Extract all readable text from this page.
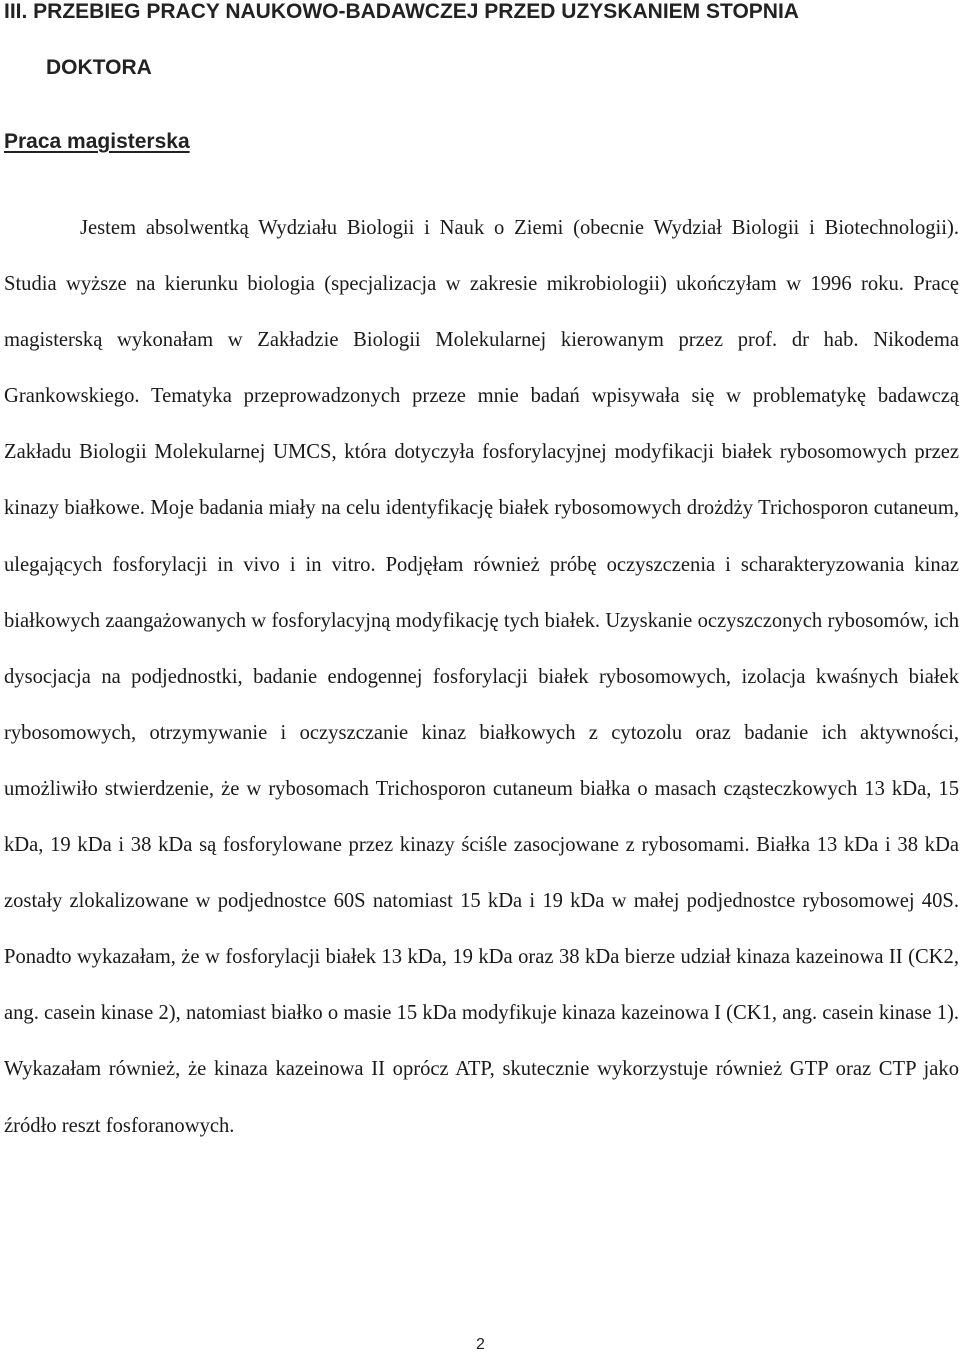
III. PRZEBIEG PRACY NAUKOWO-BADAWCZEJ PRZED UZYSKANIEM STOPNIA
DOKTORA
Praca magisterska

Jestem absolwentką Wydziału Biologii i Nauk o Ziemi (obecnie Wydział Biologii i Biotechnologii). Studia wyższe na kierunku biologia (specjalizacja w zakresie mikrobiologii) ukończyłam w 1996 roku. Pracę magisterską wykonałam w Zakładzie Biologii Molekularnej kierowanym przez prof. dr hab. Nikodema Grankowskiego. Tematyka przeprowadzonych przeze mnie badań wpisywała się w problematykę badawczą Zakładu Biologii Molekularnej UMCS, która dotyczyła fosforylacyjnej modyfikacji białek rybosomowych przez kinazy białkowe. Moje badania miały na celu identyfikację białek rybosomowych drożdży Trichosporon cutaneum, ulegających fosforylacji in vivo i in vitro. Podjęłam również próbę oczyszczenia i scharakteryzowania kinaz białkowych zaangażowanych w fosforylacyjną modyfikację tych białek. Uzyskanie oczyszczonych rybosomów, ich dysocjacja na podjednostki, badanie endogennej fosforylacji białek rybosomowych, izolacja kwaśnych białek rybosomowych, otrzymywanie i oczyszczanie kinaz białkowych z cytozolu oraz badanie ich aktywności, umożliwiło stwierdzenie, że w rybosomach Trichosporon cutaneum białka o masach cząsteczkowych 13 kDa, 15 kDa, 19 kDa i 38 kDa są fosforylowane przez kinazy ściśle zasocjowane z rybosomami. Białka 13 kDa i 38 kDa zostały zlokalizowane w podjednostce 60S natomiast 15 kDa i 19 kDa w małej podjednostce rybosomowej 40S. Ponadto wykazałam, że w fosforylacji białek 13 kDa, 19 kDa oraz 38 kDa bierze udział kinaza kazeinowa II (CK2, ang. casein kinase 2), natomiast białko o masie 15 kDa modyfikuje kinaza kazeinowa I (CK1, ang. casein kinase 1). Wykazałam również, że kinaza kazeinowa II oprócz ATP, skutecznie wykorzystuje również GTP oraz CTP jako źródło reszt fosforanowych.

2
